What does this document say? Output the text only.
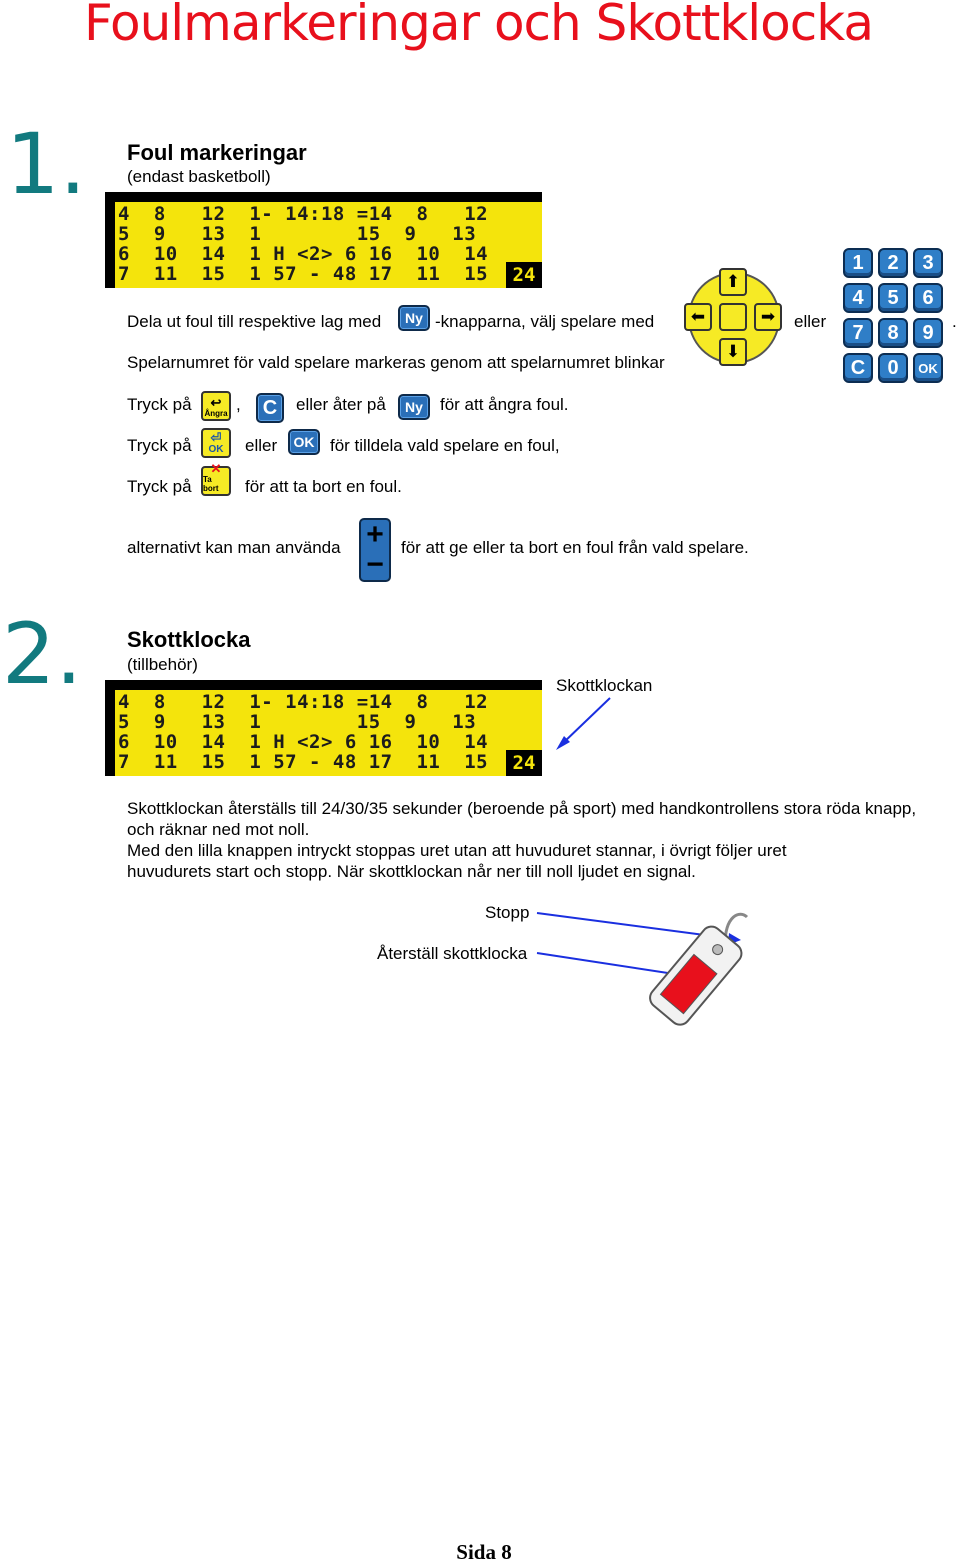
Foulmarkeringar och Skottklocka
1. Foul markeringar
(endast basketboll)
4  8   12  1- 14:18 =14  8   12
5  9   13  1        15  9   13
6  10  14  1 H <2> 6 16  10  14
7  11  15  1 57 - 48 17  11  15	24
Dela ut foul till respektive lag med	Ny -knapparna, välj spelare med
⬆
⬅	➡
⬇
eller
1	2	3
4	5	6
7	8	9
C	0	OK
.
Spelarnumret för vald spelare markeras genom att spelarnumret blinkar
Tryck på ↩
Ångra ,	C	eller åter på	Ny	för att ångra foul.
Tryck på ⏎
OK eller	OK för tilldela vald spelare en foul,
Tryck på
✕
Ta bort	för att ta bort en foul.
alternativt kan man använda +
−
för att ge eller ta bort en foul från vald spelare.
2. Skottklocka
(tillbehör)
4  8   12  1- 14:18 =14  8   12
5  9   13  1        15  9   13
6  10  14  1 H <2> 6 16  10  14
7  11  15  1 57 - 48 17  11  15	24
Skottklockan
Skottklockan återställs till 24/30/35 sekunder (beroende på sport) med handkontrollens stora röda knapp,
och räknar ned mot noll.
Med den lilla knappen intryckt stoppas uret utan att huvuduret stannar, i övrigt följer uret
huvudurets start och stopp. När skottklockan når ner till noll ljudet en signal.
Stopp
Återställ skottklocka
Sida 8
